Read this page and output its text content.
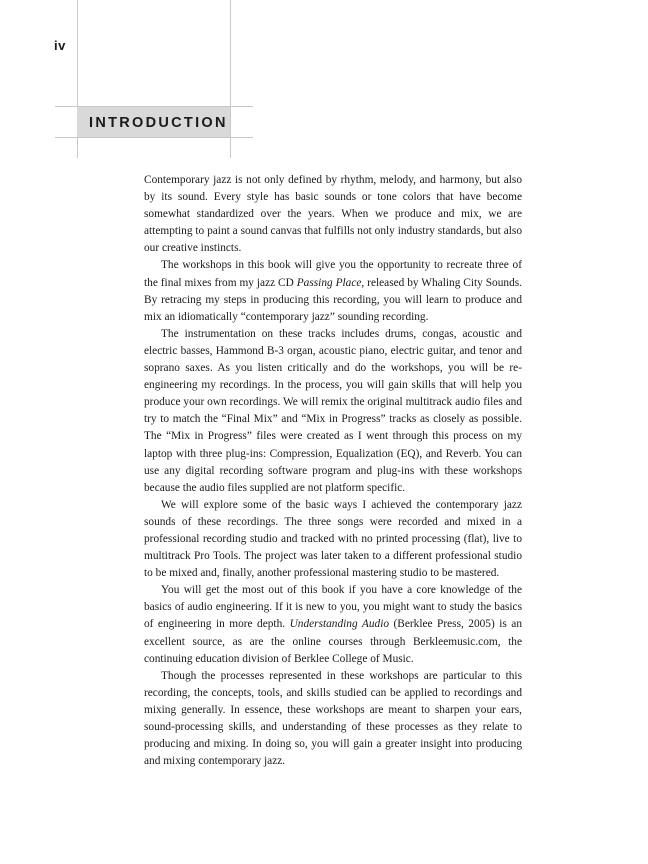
iv
INTRODUCTION

Contemporary jazz is not only defined by rhythm, melody, and harmony, but also by its sound. Every style has basic sounds or tone colors that have become somewhat standardized over the years. When we produce and mix, we are attempting to paint a sound canvas that fulfills not only industry standards, but also our creative instincts.

The workshops in this book will give you the opportunity to recreate three of the final mixes from my jazz CD Passing Place, released by Whaling City Sounds. By retracing my steps in producing this recording, you will learn to produce and mix an idiomatically “contemporary jazz” sounding recording.

The instrumentation on these tracks includes drums, congas, acoustic and electric basses, Hammond B-3 organ, acoustic piano, electric guitar, and tenor and soprano saxes. As you listen critically and do the workshops, you will be re-engineering my recordings. In the process, you will gain skills that will help you produce your own recordings. We will remix the original multitrack audio files and try to match the “Final Mix” and “Mix in Progress” tracks as closely as possible. The “Mix in Progress” files were created as I went through this process on my laptop with three plug-ins: Compression, Equalization (EQ), and Reverb. You can use any digital recording software program and plug-ins with these workshops because the audio files supplied are not platform specific.

We will explore some of the basic ways I achieved the contemporary jazz sounds of these recordings. The three songs were recorded and mixed in a professional recording studio and tracked with no printed processing (flat), live to multitrack Pro Tools. The project was later taken to a different professional studio to be mixed and, finally, another professional mastering studio to be mastered.

You will get the most out of this book if you have a core knowledge of the basics of audio engineering. If it is new to you, you might want to study the basics of engineering in more depth. Understanding Audio (Berklee Press, 2005) is an excellent source, as are the online courses through Berkleemusic.com, the continuing education division of Berklee College of Music.

Though the processes represented in these workshops are particular to this recording, the concepts, tools, and skills studied can be applied to recordings and mixing generally. In essence, these workshops are meant to sharpen your ears, sound-processing skills, and understanding of these processes as they relate to producing and mixing. In doing so, you will gain a greater insight into producing and mixing contemporary jazz.
